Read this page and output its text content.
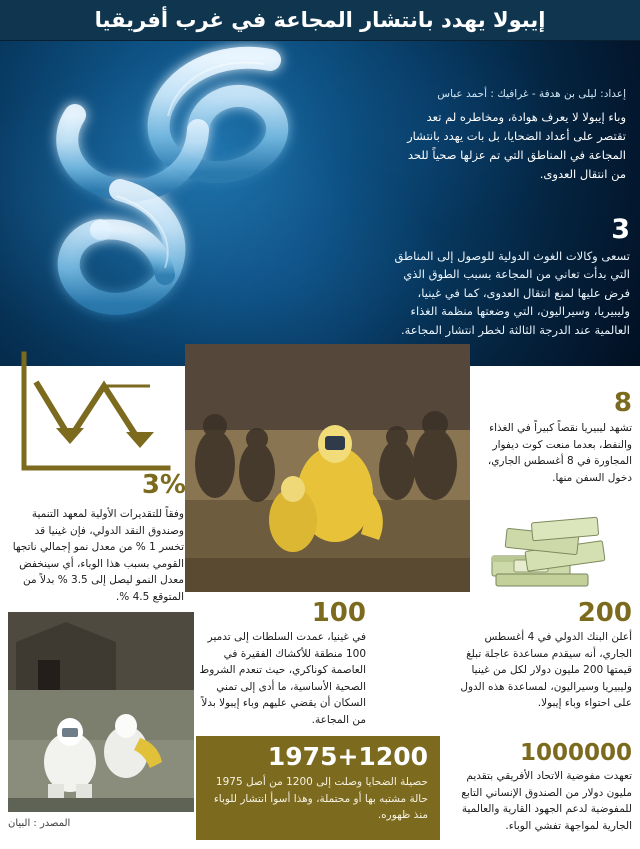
إيبولا يهدد بانتشار المجاعة في غرب أفريقيا
إعداد: ليلى بن هدفة - غرافيك : أحمد عباس
وباء إيبولا لا يعرف هوادة، ومخاطره لم تعد تقتصر على أعداد الضحايا، بل بات يهدد بانتشار المجاعة في المناطق التي تم عزلها صحياً للحد من انتقال العدوى.
3
تسعى وكالات الغوث الدولية للوصول إلى المناطق التي بدأت تعاني من المجاعة بسبب الطوق الذي فرض عليها لمنع انتقال العدوى، كما في غينيا، وليبيريا، وسيراليون، التي وضعتها منظمة الغذاء العالمية عند الدرجة الثالثة لخطر انتشار المجاعة.
3%
وفقاً للتقديرات الأولية لمعهد التنمية وصندوق النقد الدولي، فإن غينيا قد تخسر 1 % من معدل نمو إجمالي ناتجها القومي بسبب هذا الوباء، أي سينخفض معدل النمو ليصل إلى 3.5 % بدلاً من المتوقع 4.5 %.
8
تشهد ليبيريا نقصاً كبيراً في الغذاء والنفط، بعدما منعت كوت ديفوار المجاورة في 8 أغسطس الجاري، دخول السفن منها.
100
في غينيا، عمدت السلطات إلى تدمير 100 منطقة للأكشاك الفقيرة في العاصمة كوناكري، حيث تنعدم الشروط الصحية الأساسية، ما أدى إلى تمني السكان أن يقضي عليهم وباء إيبولا بدلاً من المجاعة.
200
أعلن البنك الدولي في 4 أغسطس الجاري، أنه سيقدم مساعدة عاجلة تبلغ قيمتها 200 مليون دولار لكل من غينيا وليبيريا وسيراليون، لمساعدة هذه الدول على احتواء وباء إيبولا.
1000000
تعهدت مفوضية الاتحاد الأفريقي بتقديم مليون دولار من الصندوق الإنساني التابع للمفوضية لدعم الجهود القارية والعالمية الجارية لمواجهة تفشي الوباء.
1975+1200
حصيلة الضحايا وصلت إلى 1200 من أصل 1975 حالة مشتبه بها أو محتملة، وهذا أسوأ انتشار للوباء منذ ظهوره.
المصدر : البيان
